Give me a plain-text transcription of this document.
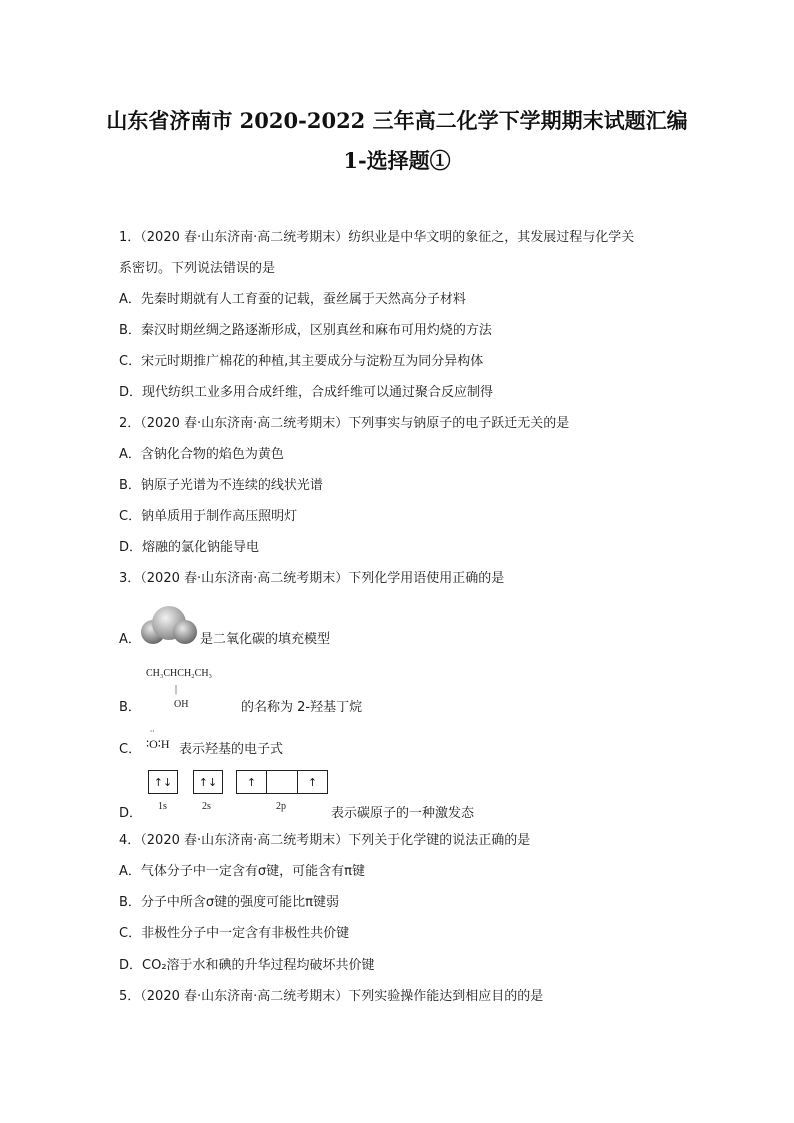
山东省济南市 2020-2022 三年高二化学下学期期末试题汇编
1-选择题①
1．（2020 春·山东济南·高二统考期末）纺织业是中华文明的象征之，其发展过程与化学关
系密切。下列说法错误的是
A．先秦时期就有人工育蚕的记载，蚕丝属于天然高分子材料
B．秦汉时期丝绸之路逐渐形成，区别真丝和麻布可用灼烧的方法
C．宋元时期推广棉花的种植,其主要成分与淀粉互为同分异构体
D．现代纺织工业多用合成纤维，合成纤维可以通过聚合反应制得
2．（2020 春·山东济南·高二统考期末）下列事实与钠原子的电子跃迁无关的是
A．含钠化合物的焰色为黄色
B．钠原子光谱为不连续的线状光谱
C．钠单质用于制作高压照明灯
D．熔融的氯化钠能导电
3．（2020 春·山东济南·高二统考期末）下列化学用语使用正确的是
A．	是二氧化碳的填充模型
CH₃CHCH₂CH₃
|
OH
B．	的名称为 2-羟基丁烷
C．
∙∙
∶O∶H 表示羟基的电子式
↑↓	↑↓	↑	↑
1s	2s	2p
D．	表示碳原子的一种激发态
4．（2020 春·山东济南·高二统考期末）下列关于化学键的说法正确的是
A．气体分子中一定含有σ键，可能含有π键
B．分子中所含σ键的强度可能比π键弱
C．非极性分子中一定含有非极性共价键
D．CO₂溶于水和碘的升华过程均破坏共价键
5．（2020 春·山东济南·高二统考期末）下列实验操作能达到相应目的的是
